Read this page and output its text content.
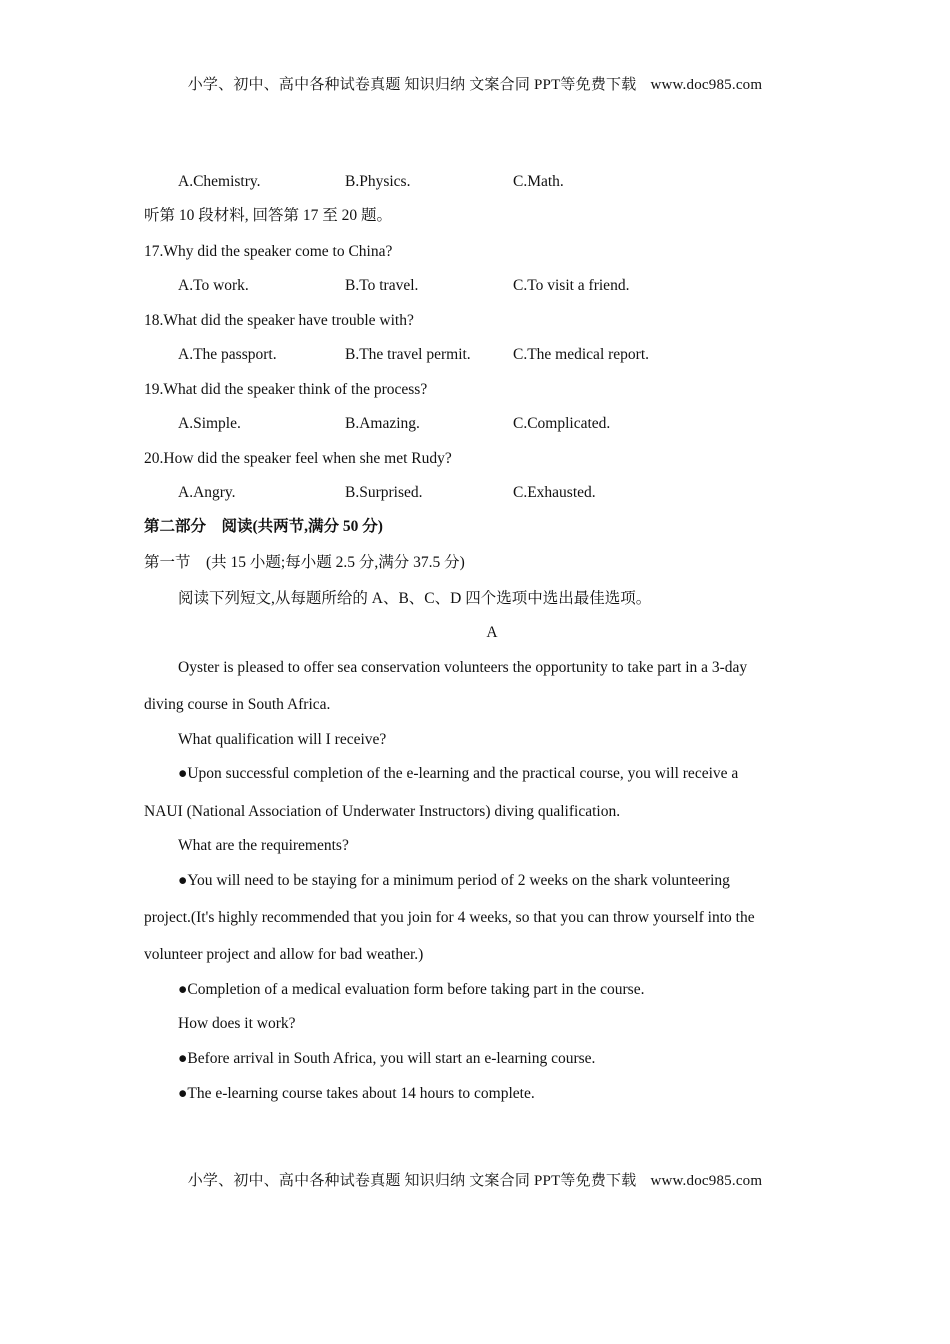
小学、初中、高中各种试卷真题 知识归纳 文案合同 PPT等免费下载 www.doc985.com
A.Chemistry.	B.Physics.	C.Math.
听第 10 段材料, 回答第 17 至 20 题。
17.Why did the speaker come to China?
A.To work.	B.To travel.	C.To visit a friend.
18.What did the speaker have trouble with?
A.The passport.	B.The travel permit.	C.The medical report.
19.What did the speaker think of the process?
A.Simple.	B.Amazing.	C.Complicated.
20.How did the speaker feel when she met Rudy?
A.Angry.	B.Surprised.	C.Exhausted.
第二部分　阅读(共两节,满分 50 分)
第一节　(共 15 小题;每小题 2.5 分,满分 37.5 分)
阅读下列短文,从每题所给的 A、B、C、D 四个选项中选出最佳选项。
A
Oyster is pleased to offer sea conservation volunteers the opportunity to take part in a 3-day
diving course in South Africa.
What qualification will I receive?
●Upon successful completion of the e-learning and the practical course, you will receive a
NAUI (National Association of Underwater Instructors) diving qualification.
What are the requirements?
●You will need to be staying for a minimum period of 2 weeks on the shark volunteering
project.(It's highly recommended that you join for 4 weeks, so that you can throw yourself into the
volunteer project and allow for bad weather.)
●Completion of a medical evaluation form before taking part in the course.
How does it work?
●Before arrival in South Africa, you will start an e-learning course.
●The e-learning course takes about 14 hours to complete.
小学、初中、高中各种试卷真题 知识归纳 文案合同 PPT等免费下载 www.doc985.com
